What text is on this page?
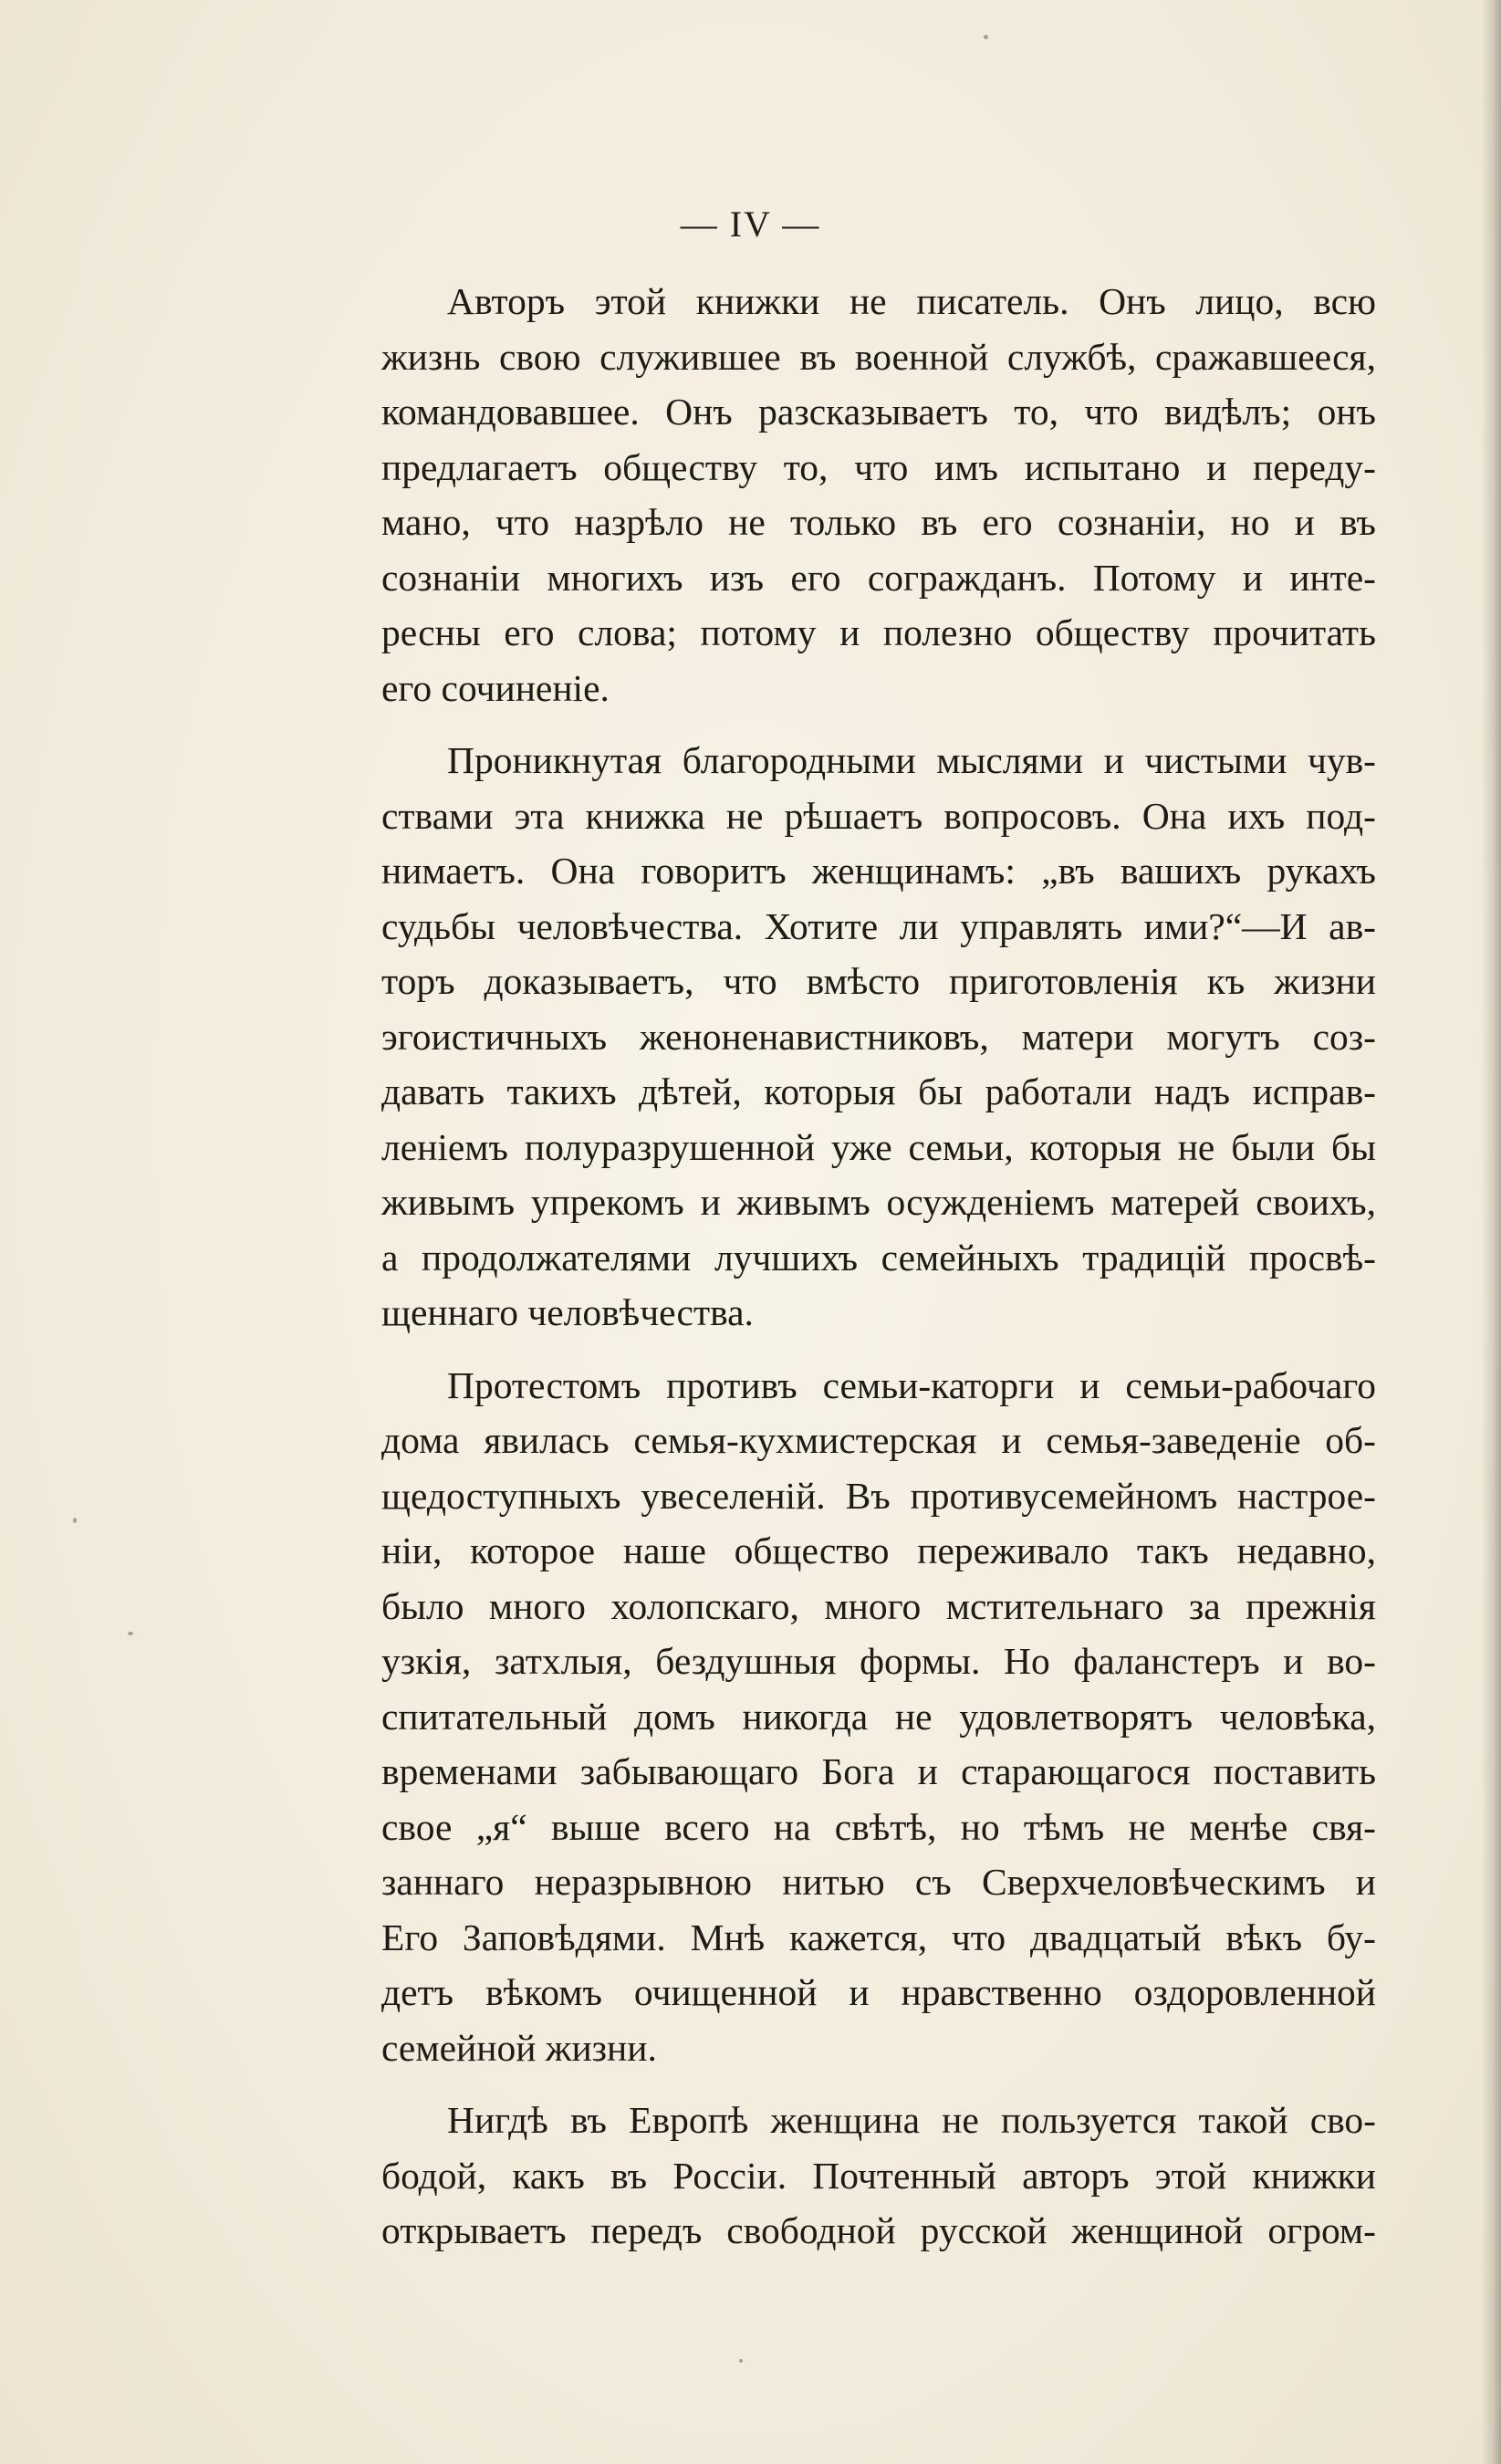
— IV —
Авторъ этой книжки не писатель. Онъ лицо, всю
жизнь свою служившее въ военной службѣ, сражавшееся,
командовавшее. Онъ разсказываетъ то, что видѣлъ; онъ
предлагаетъ обществу то, что имъ испытано и переду-
мано, что назрѣло не только въ его сознанiи, но и въ
сознанiи многихъ изъ его согражданъ. Потому и инте-
ресны его слова; потому и полезно обществу прочитать
его сочиненiе.
Проникнутая благородными мыслями и чистыми чув-
ствами эта книжка не рѣшаетъ вопросовъ. Она ихъ под-
нимаетъ. Она говоритъ женщинамъ: „въ вашихъ рукахъ
судьбы человѣчества. Хотите ли управлять ими?“—И ав-
торъ доказываетъ, что вмѣсто приготовленія къ жизни
эгоистичныхъ женоненавистниковъ, матери могутъ соз-
давать такихъ дѣтей, которыя бы работали надъ исправ-
ленiемъ полуразрушенной уже семьи, которыя не были бы
живымъ упрекомъ и живымъ осужденiемъ матерей своихъ,
а продолжателями лучшихъ семейныхъ традицій просвѣ-
щеннаго человѣчества.
Протестомъ противъ семьи-каторги и семьи-рабочаго
дома явилась семья-кухмистерская и семья-заведенiе об-
щедоступныхъ увеселеній. Въ противусемейномъ настрое-
нiи, которое наше общество переживало такъ недавно,
было много холопскаго, много мстительнаго за прежнія
узкiя, затхлыя, бездушныя формы. Но фаланстеръ и во-
спитательный домъ никогда не удовлетворятъ человѣка,
временами забывающаго Бога и старающагося поставить
свое „я“ выше всего на свѣтѣ, но тѣмъ не менѣе свя-
заннаго неразрывною нитью съ Сверхчеловѣческимъ и
Его Заповѣдями. Мнѣ кажется, что двадцатый вѣкъ бу-
детъ вѣкомъ очищенной и нравственно оздоровленной
семейной жизни.
Нигдѣ въ Европѣ женщина не пользуется такой сво-
бодой, какъ въ Россiи. Почтенный авторъ этой книжки
открываетъ передъ свободной русской женщиной огром-
